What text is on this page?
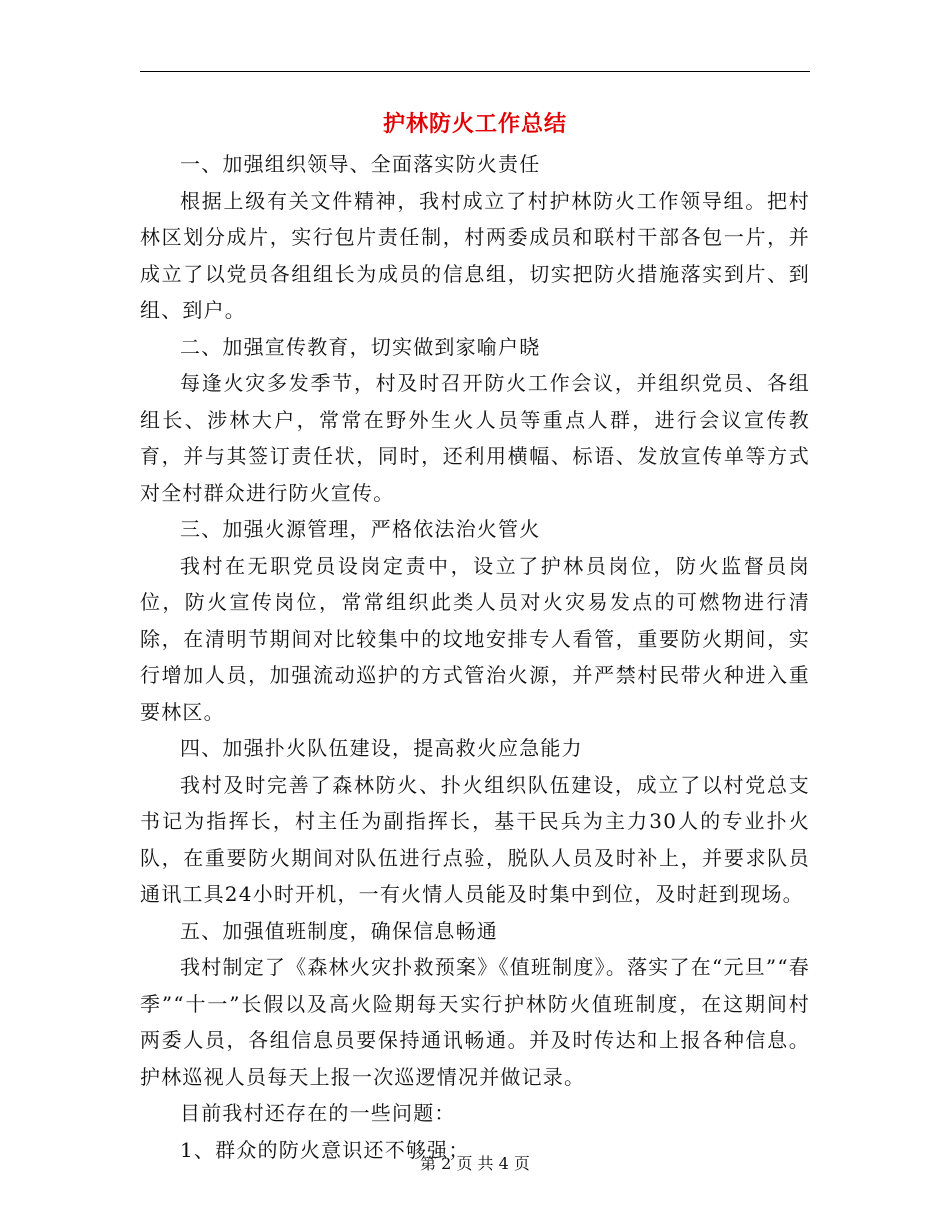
护林防火工作总结

一、加强组织领导、全面落实防火责任

根据上级有关文件精神，我村成立了村护林防火工作领导组。把村林区划分成片，实行包片责任制，村两委成员和联村干部各包一片，并成立了以党员各组组长为成员的信息组，切实把防火措施落实到片、到组、到户。

二、加强宣传教育，切实做到家喻户晓

每逢火灾多发季节，村及时召开防火工作会议，并组织党员、各组组长、涉林大户，常常在野外生火人员等重点人群，进行会议宣传教育，并与其签订责任状，同时，还利用横幅、标语、发放宣传单等方式对全村群众进行防火宣传。

三、加强火源管理，严格依法治火管火

我村在无职党员设岗定责中，设立了护林员岗位，防火监督员岗位，防火宣传岗位，常常组织此类人员对火灾易发点的可燃物进行清除，在清明节期间对比较集中的坟地安排专人看管，重要防火期间，实行增加人员，加强流动巡护的方式管治火源，并严禁村民带火种进入重要林区。

四、加强扑火队伍建设，提高救火应急能力

我村及时完善了森林防火、扑火组织队伍建设，成立了以村党总支书记为指挥长，村主任为副指挥长，基干民兵为主力30人的专业扑火队，在重要防火期间对队伍进行点验，脱队人员及时补上，并要求队员通讯工具24小时开机，一有火情人员能及时集中到位，及时赶到现场。

五、加强值班制度，确保信息畅通

我村制定了《森林火灾扑救预案》《值班制度》。落实了在“元旦”“春季”“十一”长假以及高火险期每天实行护林防火值班制度，在这期间村两委人员，各组信息员要保持通讯畅通。并及时传达和上报各种信息。护林巡视人员每天上报一次巡逻情况并做记录。

目前我村还存在的一些问题：

1、群众的防火意识还不够强；

第 2 页 共 4 页
